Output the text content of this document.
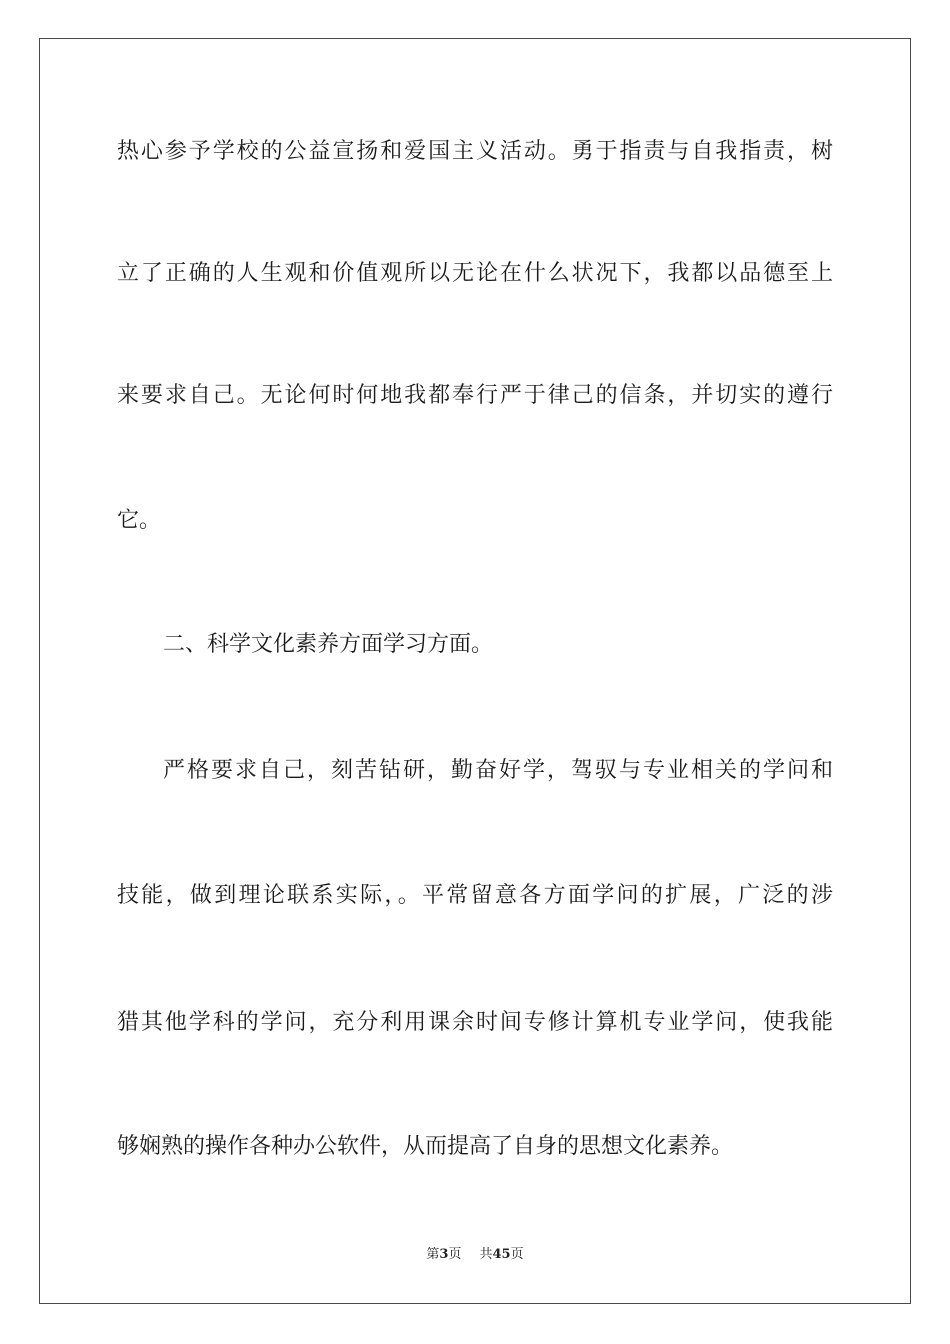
热心参予学校的公益宣扬和爱国主义活动。勇于指责与自我指责，树
立了正确的人生观和价值观所以无论在什么状况下，我都以品德至上
来要求自己。无论何时何地我都奉行严于律己的信条，并切实的遵行
它。
二、科学文化素养方面学习方面。
严格要求自己，刻苦钻研，勤奋好学，驾驭与专业相关的学问和
技能，做到理论联系实际，。平常留意各方面学问的扩展，广泛的涉
猎其他学科的学问，充分利用课余时间专修计算机专业学问，使我能
够娴熟的操作各种办公软件，从而提高了自身的思想文化素养。
第3页 共45页
